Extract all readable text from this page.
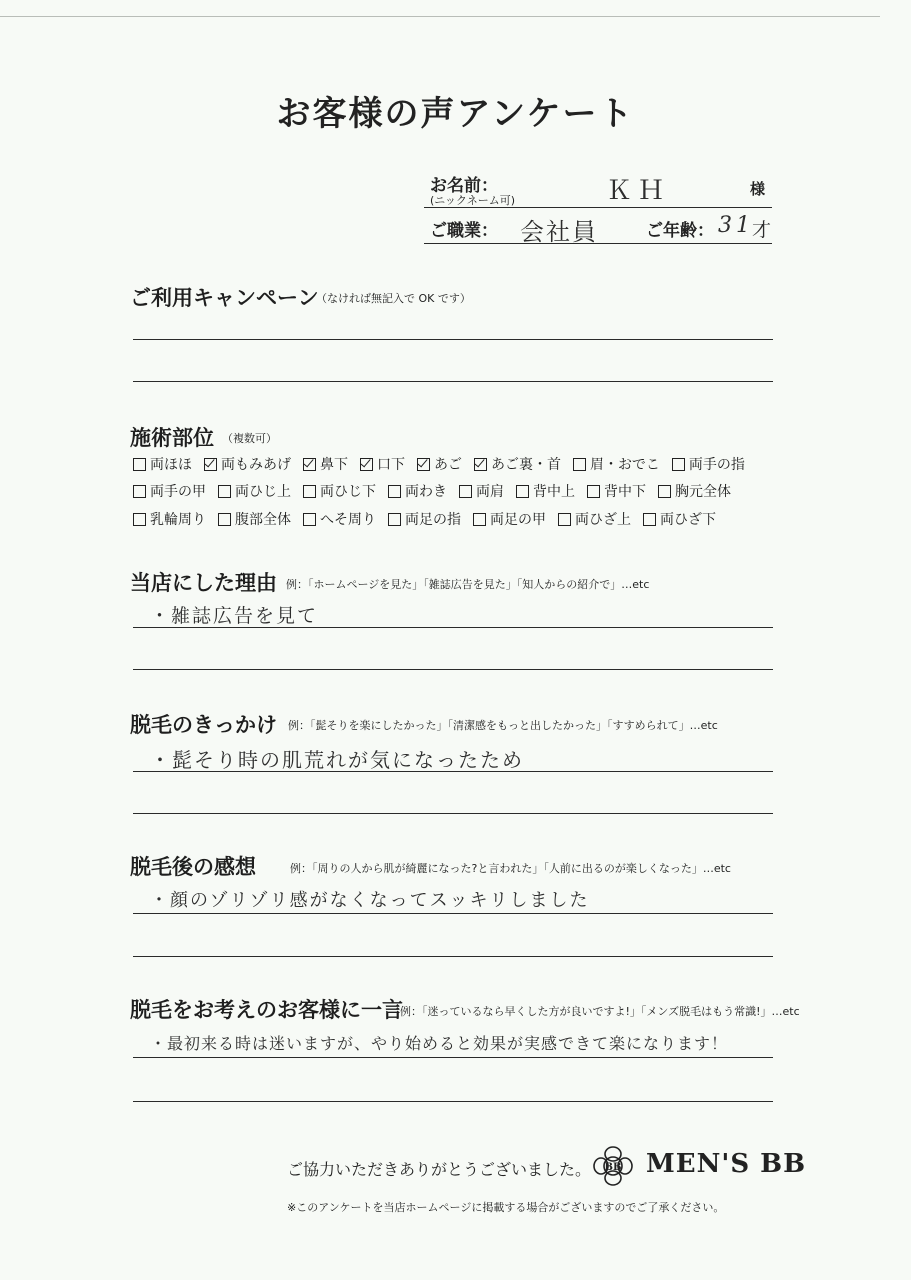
お客様の声アンケート
お名前：
(ニックネーム可)	ＫＨ	様
ご職業： 会社員	ご年齢： 31
才
ご利用キャンペーン
（なければ無記入で OK です）
施術部位 （複数可）
両ほほ 両もみあげ 鼻下 口下 あご あご裏・首 眉・おでこ 両手の指
両手の甲 両ひじ上 両ひじ下 両わき 両肩 背中上 背中下 胸元全体
乳輪周り 腹部全体 へそ周り 両足の指 両足の甲 両ひざ上 両ひざ下
当店にした理由 例：「ホームページを見た」「雑誌広告を見た」「知人からの紹介で」…etc
・雑誌広告を見て
脱毛のきっかけ 例：「髭そりを楽にしたかった」「清潔感をもっと出したかった」「すすめられて」…etc
・髭そり時の肌荒れが気になったため
脱毛後の感想	例：「周りの人から肌が綺麗になった?と言われた」「人前に出るのが楽しくなった」…etc
・顔のゾリゾリ感がなくなってスッキリしました
脱毛をお考えのお客様に一言
例：「迷っているなら早くした方が良いですよ!」「メンズ脱毛はもう常識!」…etc
・最初来る時は迷いますが、やり始めると効果が実感できて楽になります！
ご協力いただきありがとうございました。 BB MEN'S BB
※このアンケートを当店ホームページに掲載する場合がございますのでご了承ください。
